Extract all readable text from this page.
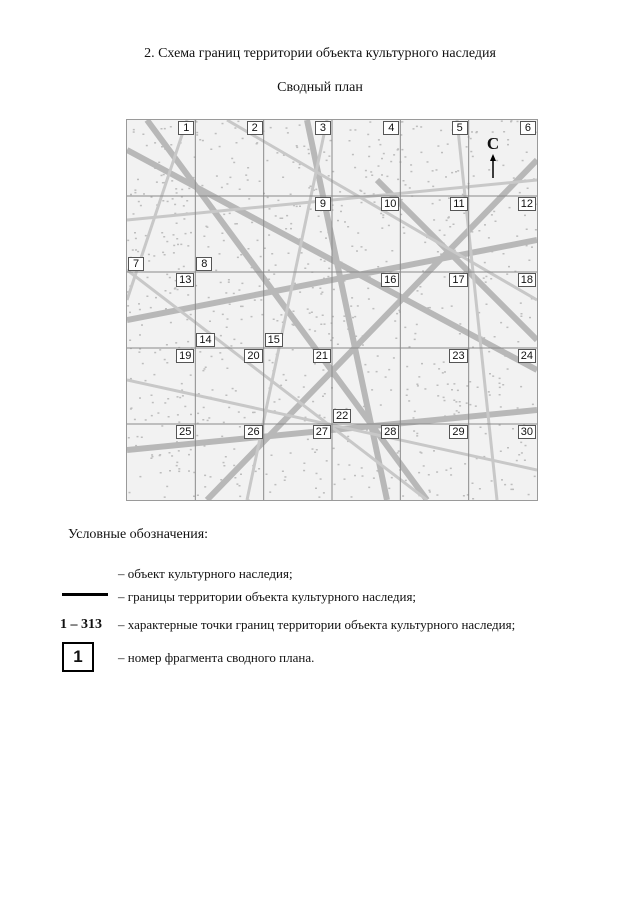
2. Схема границ территории объекта культурного наследия
Сводный план
С
1	2	3	4	5	6
9	10	11	12
7	8
13	16	17	18
14	15
19	20	21	23	24
22
25	26	27	28	29	30
Условные обозначения:
– объект культурного наследия;
– границы территории объекта культурного наследия;
1 – 313 – характерные точки границ территории объекта культурного наследия;
1	– номер фрагмента сводного плана.
